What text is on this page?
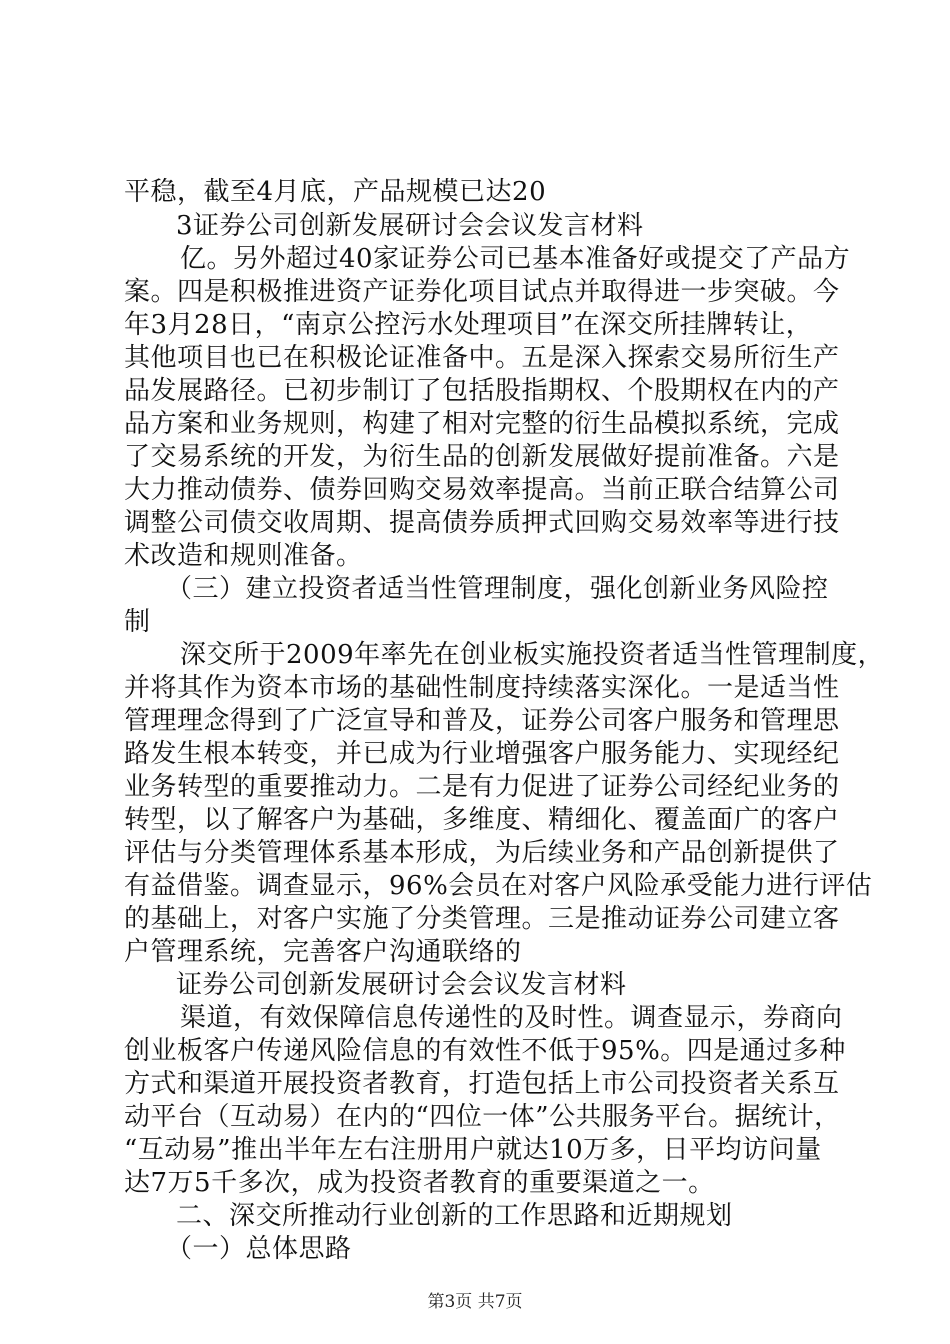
平稳，截至4月底，产品规模已达20
3证券公司创新发展研讨会会议发言材料
亿。另外超过40家证券公司已基本准备好或提交了产品方
案。四是积极推进资产证券化项目试点并取得进一步突破。今
年3月28日，“南京公控污水处理项目”在深交所挂牌转让，
其他项目也已在积极论证准备中。五是深入探索交易所衍生产
品发展路径。已初步制订了包括股指期权、个股期权在内的产
品方案和业务规则，构建了相对完整的衍生品模拟系统，完成
了交易系统的开发，为衍生品的创新发展做好提前准备。六是
大力推动债券、债券回购交易效率提高。当前正联合结算公司
调整公司债交收周期、提高债券质押式回购交易效率等进行技
术改造和规则准备。
（三）建立投资者适当性管理制度，强化创新业务风险控
制
深交所于2009年率先在创业板实施投资者适当性管理制度，
并将其作为资本市场的基础性制度持续落实深化。一是适当性
管理理念得到了广泛宣导和普及，证券公司客户服务和管理思
路发生根本转变，并已成为行业增强客户服务能力、实现经纪
业务转型的重要推动力。二是有力促进了证券公司经纪业务的
转型，以了解客户为基础，多维度、精细化、覆盖面广的客户
评估与分类管理体系基本形成，为后续业务和产品创新提供了
有益借鉴。调查显示，96%会员在对客户风险承受能力进行评估
的基础上，对客户实施了分类管理。三是推动证券公司建立客
户管理系统，完善客户沟通联络的
证券公司创新发展研讨会会议发言材料
渠道，有效保障信息传递性的及时性。调查显示，券商向
创业板客户传递风险信息的有效性不低于95%。四是通过多种
方式和渠道开展投资者教育，打造包括上市公司投资者关系互
动平台（互动易）在内的“四位一体”公共服务平台。据统计，
“互动易”推出半年左右注册用户就达10万多，日平均访问量
达7万5千多次，成为投资者教育的重要渠道之一。
二、深交所推动行业创新的工作思路和近期规划
（一）总体思路
第3页 共7页
